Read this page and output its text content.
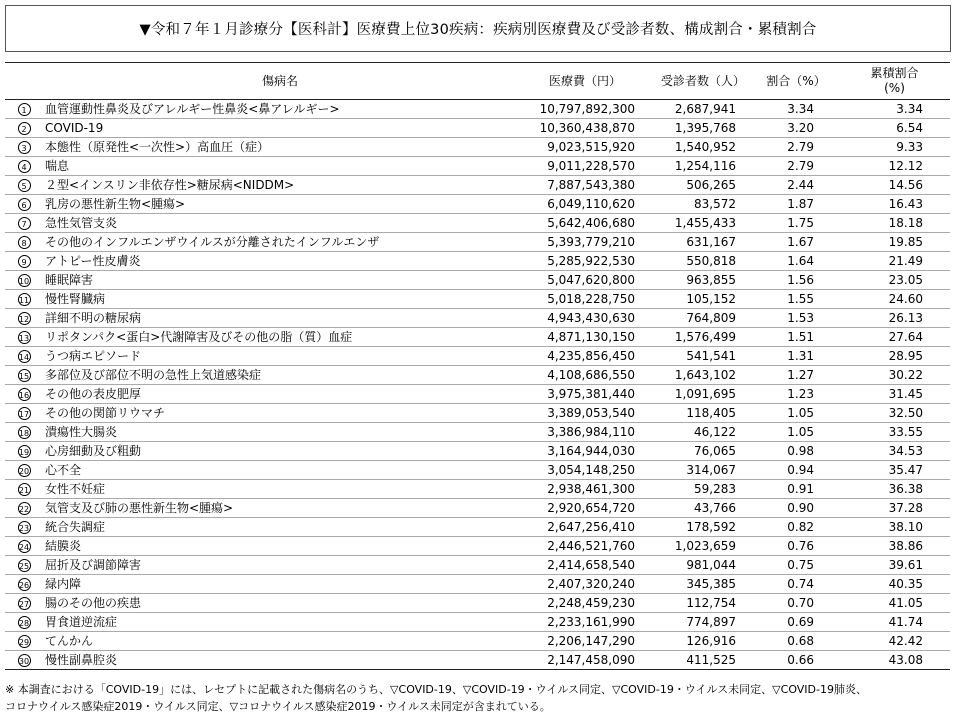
▼令和７年１月診療分【医科計】医療費上位30疾病：疾病別医療費及び受診者数、構成割合・累積割合
	傷病名	医療費（円）	受診者数（人）	割合（%）	累積割合
(%)

1	血管運動性鼻炎及びアレルギー性鼻炎<鼻アレルギー>	10,797,892,300	2,687,941	3.34	3.34
2	COVID-19	10,360,438,870	1,395,768	3.20	6.54
3	本態性（原発性<一次性>）高血圧（症）	9,023,515,920	1,540,952	2.79	9.33
4	喘息	9,011,228,570	1,254,116	2.79	12.12
5	２型<インスリン非依存性>糖尿病<NIDDM>	7,887,543,380	506,265	2.44	14.56
6	乳房の悪性新生物<腫瘍>	6,049,110,620	83,572	1.87	16.43
7	急性気管支炎	5,642,406,680	1,455,433	1.75	18.18
8	その他のインフルエンザウイルスが分離されたインフルエンザ	5,393,779,210	631,167	1.67	19.85
9	アトピー性皮膚炎	5,285,922,530	550,818	1.64	21.49
10	睡眠障害	5,047,620,800	963,855	1.56	23.05
11	慢性腎臓病	5,018,228,750	105,152	1.55	24.60
12	詳細不明の糖尿病	4,943,430,630	764,809	1.53	26.13
13	リポタンパク<蛋白>代謝障害及びその他の脂（質）血症	4,871,130,150	1,576,499	1.51	27.64
14	うつ病エピソード	4,235,856,450	541,541	1.31	28.95
15	多部位及び部位不明の急性上気道感染症	4,108,686,550	1,643,102	1.27	30.22
16	その他の表皮肥厚	3,975,381,440	1,091,695	1.23	31.45
17	その他の関節リウマチ	3,389,053,540	118,405	1.05	32.50
18	潰瘍性大腸炎	3,386,984,110	46,122	1.05	33.55
19	心房細動及び粗動	3,164,944,030	76,065	0.98	34.53
20	心不全	3,054,148,250	314,067	0.94	35.47
21	女性不妊症	2,938,461,300	59,283	0.91	36.38
22	気管支及び肺の悪性新生物<腫瘍>	2,920,654,720	43,766	0.90	37.28
23	統合失調症	2,647,256,410	178,592	0.82	38.10
24	結膜炎	2,446,521,760	1,023,659	0.76	38.86
25	屈折及び調節障害	2,414,658,540	981,044	0.75	39.61
26	緑内障	2,407,320,240	345,385	0.74	40.35
27	腸のその他の疾患	2,248,459,230	112,754	0.70	41.05
28	胃食道逆流症	2,233,161,990	774,897	0.69	41.74
29	てんかん	2,206,147,290	126,916	0.68	42.42
30	慢性副鼻腔炎	2,147,458,090	411,525	0.66	43.08
※ 本調査における「COVID-19」には、レセプトに記載された傷病名のうち、▽COVID-19、▽COVID-19・ウイルス同定、▽COVID-19・ウイルス未同定、▽COVID-19肺炎、
コロナウイルス感染症2019・ウイルス同定、▽コロナウイルス感染症2019・ウイルス未同定が含まれている。
